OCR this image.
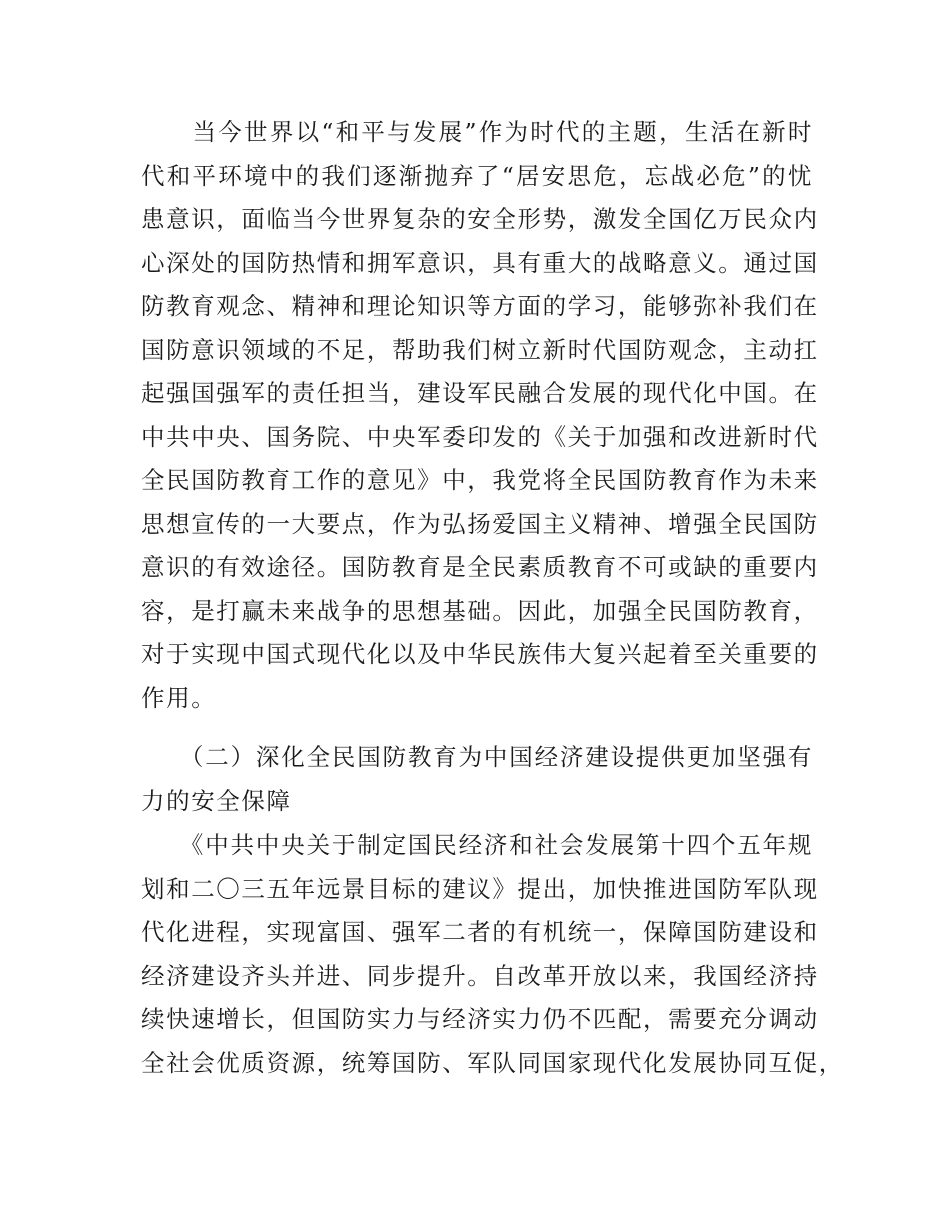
　　当今世界以“和平与发展”作为时代的主题，生活在新时
代和平环境中的我们逐渐抛弃了“居安思危，忘战必危”的忧
患意识，面临当今世界复杂的安全形势，激发全国亿万民众内
心深处的国防热情和拥军意识，具有重大的战略意义。通过国
防教育观念、精神和理论知识等方面的学习，能够弥补我们在
国防意识领域的不足，帮助我们树立新时代国防观念，主动扛
起强国强军的责任担当，建设军民融合发展的现代化中国。在
中共中央、国务院、中央军委印发的《关于加强和改进新时代
全民国防教育工作的意见》中，我党将全民国防教育作为未来
思想宣传的一大要点，作为弘扬爱国主义精神、增强全民国防
意识的有效途径。国防教育是全民素质教育不可或缺的重要内
容，是打赢未来战争的思想基础。因此，加强全民国防教育，
对于实现中国式现代化以及中华民族伟大复兴起着至关重要的
作用。
　　（二）深化全民国防教育为中国经济建设提供更加坚强有
力的安全保障
　　《中共中央关于制定国民经济和社会发展第十四个五年规
划和二〇三五年远景目标的建议》提出，加快推进国防军队现
代化进程，实现富国、强军二者的有机统一，保障国防建设和
经济建设齐头并进、同步提升。自改革开放以来，我国经济持
续快速增长，但国防实力与经济实力仍不匹配，需要充分调动
全社会优质资源，统筹国防、军队同国家现代化发展协同互促，
